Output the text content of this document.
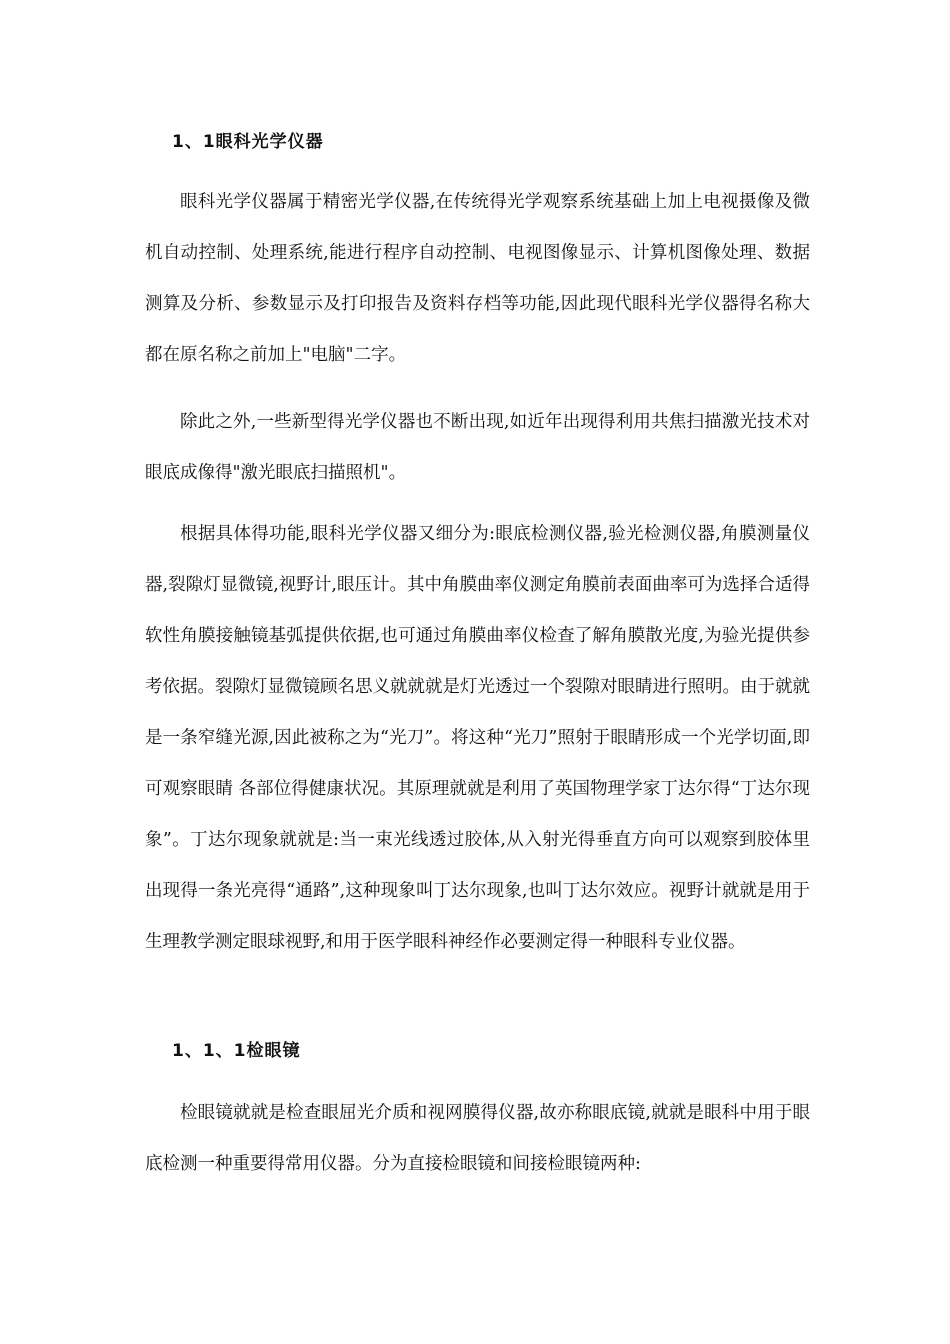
1、1眼科光学仪器

眼科光学仪器属于精密光学仪器,在传统得光学观察系统基础上加上电视摄像及微机自动控制、处理系统,能进行程序自动控制、电视图像显示、计算机图像处理、数据测算及分析、参数显示及打印报告及资料存档等功能,因此现代眼科光学仪器得名称大都在原名称之前加上"电脑"二字。

除此之外,一些新型得光学仪器也不断出现,如近年出现得利用共焦扫描激光技术对眼底成像得"激光眼底扫描照机"。

根据具体得功能,眼科光学仪器又细分为:眼底检测仪器,验光检测仪器,角膜测量仪器,裂隙灯显微镜,视野计,眼压计。其中角膜曲率仪测定角膜前表面曲率可为选择合适得软性角膜接触镜基弧提供依据,也可通过角膜曲率仪检查了解角膜散光度,为验光提供参考依据。裂隙灯显微镜顾名思义就就就是灯光透过一个裂隙对眼睛进行照明。由于就就是一条窄缝光源,因此被称之为“光刀”。将这种“光刀”照射于眼睛形成一个光学切面,即可观察眼睛 各部位得健康状况。其原理就就是利用了英国物理学家丁达尔得“丁达尔现象”。丁达尔现象就就是:当一束光线透过胶体,从入射光得垂直方向可以观察到胶体里出现得一条光亮得“通路”,这种现象叫丁达尔现象,也叫丁达尔效应。视野计就就是用于生理教学测定眼球视野,和用于医学眼科神经作必要测定得一种眼科专业仪器。

1、1、1检眼镜

检眼镜就就是检查眼屈光介质和视网膜得仪器,故亦称眼底镜,就就是眼科中用于眼底检测一种重要得常用仪器。分为直接检眼镜和间接检眼镜两种:
